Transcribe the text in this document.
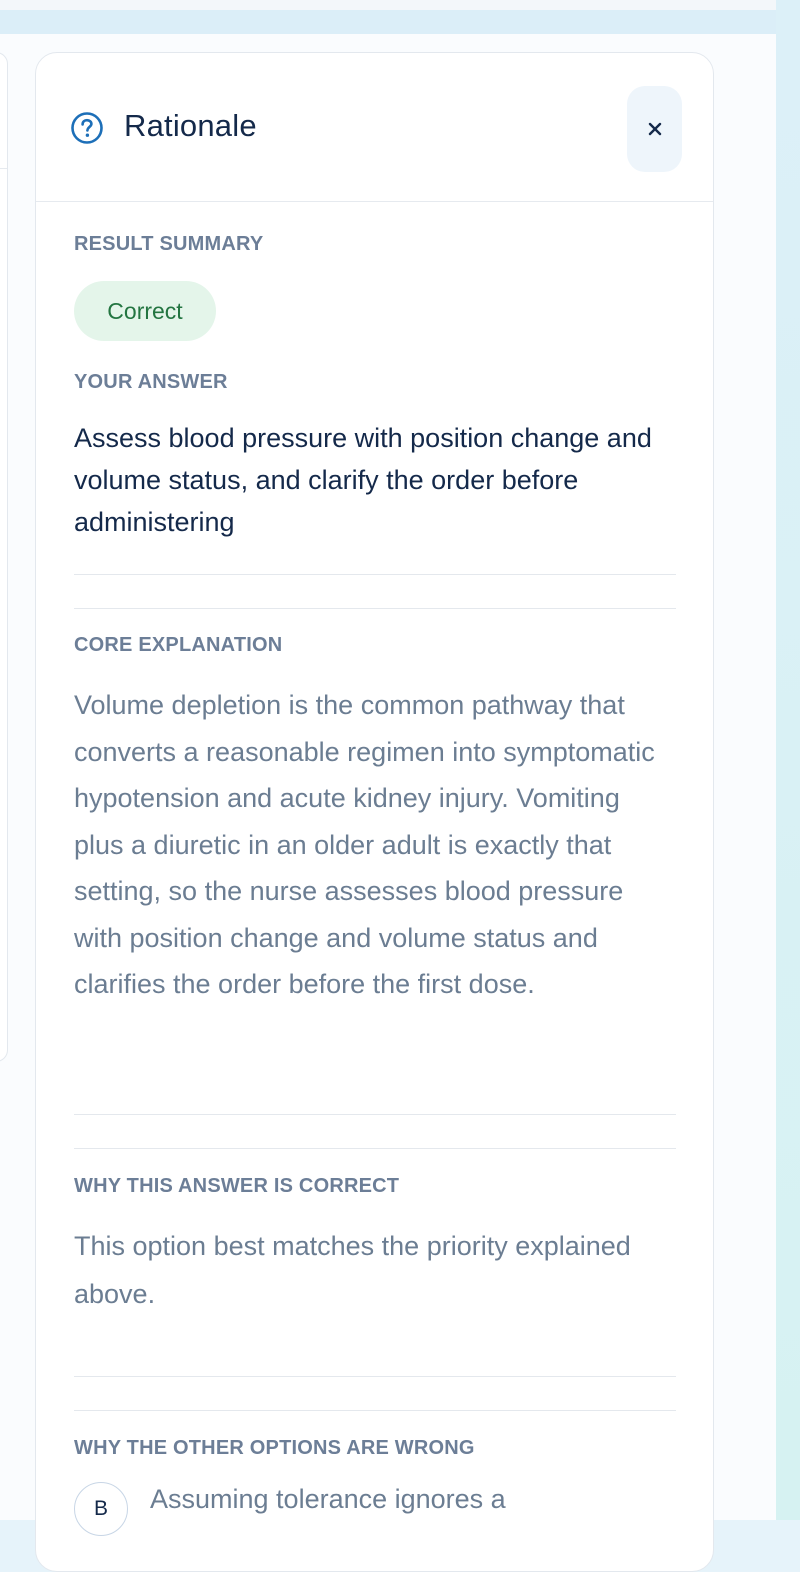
Rationale
RESULT SUMMARY
Correct
YOUR ANSWER
Assess blood pressure with position change and volume status, and clarify the order before administering
CORE EXPLANATION
Volume depletion is the common pathway that converts a reasonable regimen into symptomatic hypotension and acute kidney injury. Vomiting plus a diuretic in an older adult is exactly that setting, so the nurse assesses blood pressure with position change and volume status and clarifies the order before the first dose.
WHY THIS ANSWER IS CORRECT
This option best matches the priority explained above.
WHY THE OTHER OPTIONS ARE WRONG
B	Assuming tolerance ignores a
